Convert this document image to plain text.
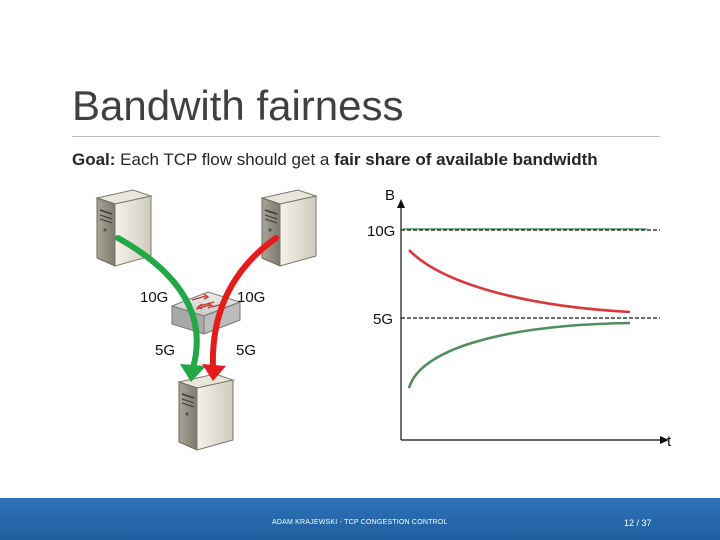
Bandwith fairness
Goal: Each TCP flow should get a fair share of available bandwidth
10G
5G
10G
5G
B
t
10G
5G
ADAM KRAJEWSKI - TCP CONGESTION CONTROL	12 / 37
